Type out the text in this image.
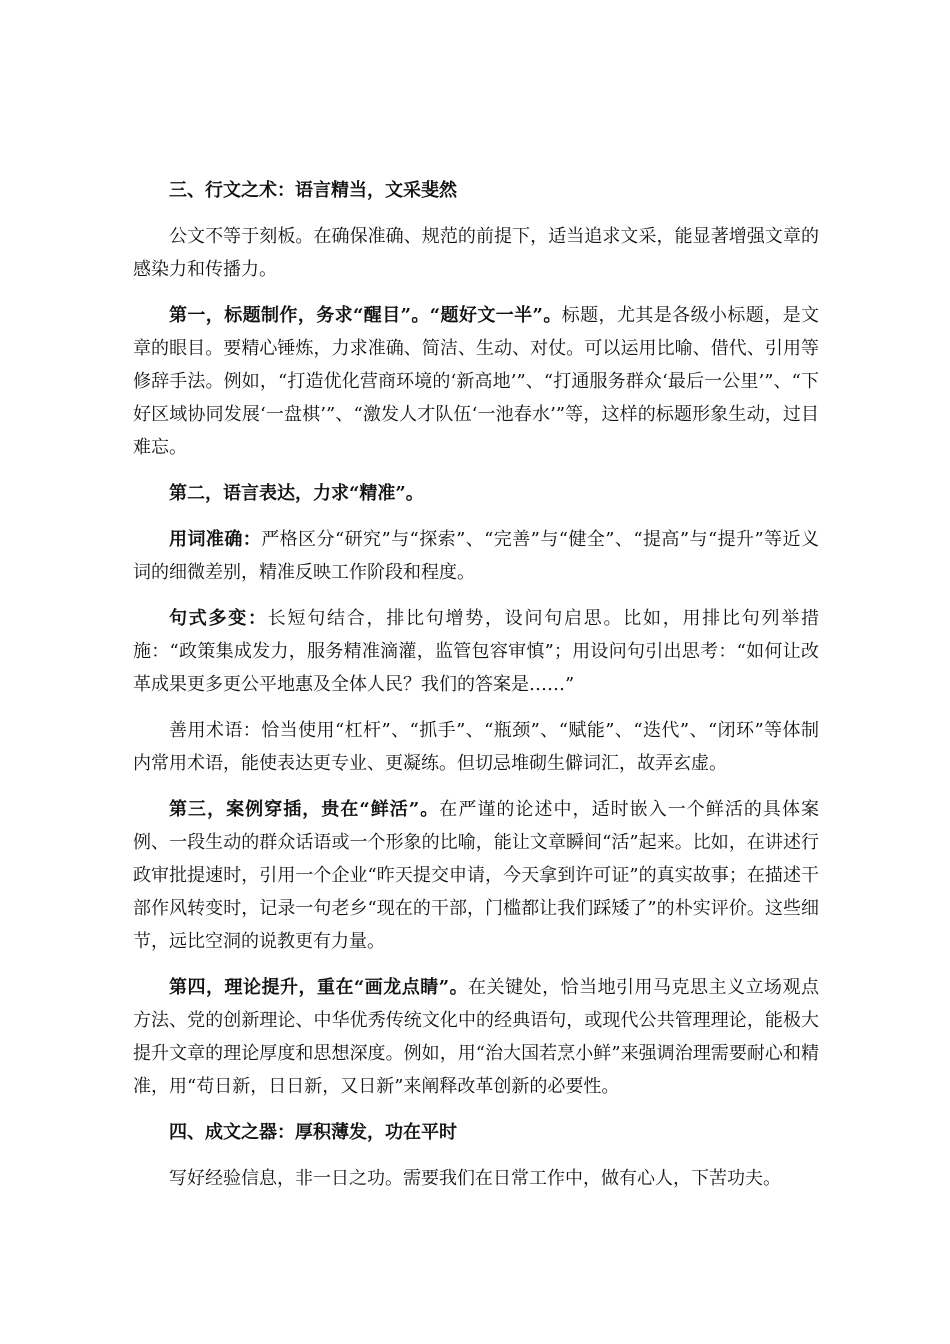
三、行文之术：语言精当，文采斐然
公文不等于刻板。在确保准确、规范的前提下，适当追求文采，能显著增强文章的感染力和传播力。
第一，标题制作，务求“醒目”。“题好文一半”。标题，尤其是各级小标题，是文章的眼目。要精心锤炼，力求准确、简洁、生动、对仗。可以运用比喻、借代、引用等修辞手法。例如，“打造优化营商环境的‘新高地’”、“打通服务群众‘最后一公里’”、“下好区域协同发展‘一盘棋’”、“激发人才队伍‘一池春水’”等，这样的标题形象生动，过目难忘。
第二，语言表达，力求“精准”。
用词准确：严格区分“研究”与“探索”、“完善”与“健全”、“提高”与“提升”等近义词的细微差别，精准反映工作阶段和程度。
句式多变：长短句结合，排比句增势，设问句启思。比如，用排比句列举措施：“政策集成发力，服务精准滴灌，监管包容审慎”；用设问句引出思考：“如何让改革成果更多更公平地惠及全体人民？我们的答案是……”
善用术语：恰当使用“杠杆”、“抓手”、“瓶颈”、“赋能”、“迭代”、“闭环”等体制内常用术语，能使表达更专业、更凝练。但切忌堆砌生僻词汇，故弄玄虚。
第三，案例穿插，贵在“鲜活”。在严谨的论述中，适时嵌入一个鲜活的具体案例、一段生动的群众话语或一个形象的比喻，能让文章瞬间“活”起来。比如，在讲述行政审批提速时，引用一个企业“昨天提交申请，今天拿到许可证”的真实故事；在描述干部作风转变时，记录一句老乡“现在的干部，门槛都让我们踩矮了”的朴实评价。这些细节，远比空洞的说教更有力量。
第四，理论提升，重在“画龙点睛”。在关键处，恰当地引用马克思主义立场观点方法、党的创新理论、中华优秀传统文化中的经典语句，或现代公共管理理论，能极大提升文章的理论厚度和思想深度。例如，用“治大国若烹小鲜”来强调治理需要耐心和精准，用“苟日新，日日新，又日新”来阐释改革创新的必要性。
四、成文之器：厚积薄发，功在平时
写好经验信息，非一日之功。需要我们在日常工作中，做有心人，下苦功夫。
